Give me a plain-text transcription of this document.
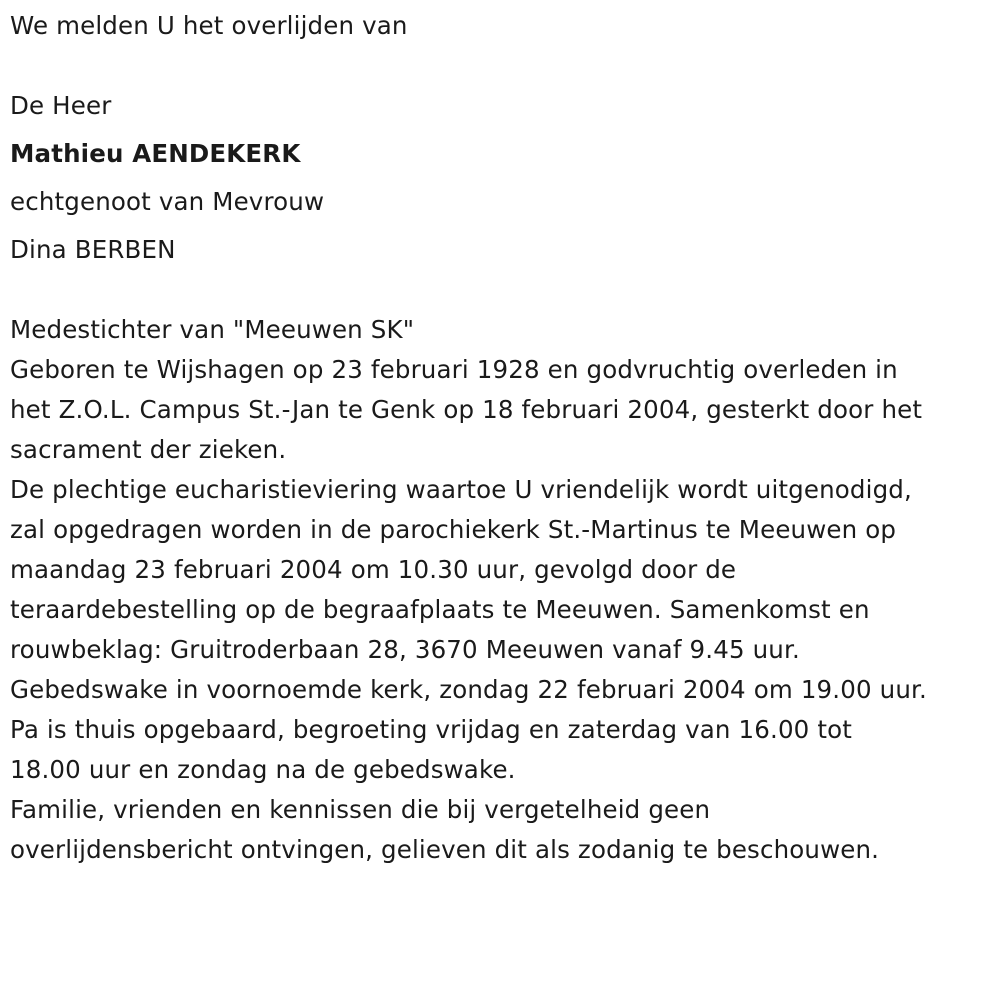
We melden U het overlijden van

De Heer

Mathieu AENDEKERK

echtgenoot van Mevrouw

Dina BERBEN

Medestichter van "Meeuwen SK"

Geboren te Wijshagen op 23 februari 1928 en godvruchtig overleden in

het Z.O.L. Campus St.-Jan te Genk op 18 februari 2004, gesterkt door het

sacrament der zieken.

De plechtige eucharistieviering waartoe U vriendelijk wordt uitgenodigd,

zal opgedragen worden in de parochiekerk St.-Martinus te Meeuwen op

maandag 23 februari 2004 om 10.30 uur, gevolgd door de

teraardebestelling op de begraafplaats te Meeuwen. Samenkomst en

rouwbeklag: Gruitroderbaan 28, 3670 Meeuwen vanaf 9.45 uur.

Gebedswake in voornoemde kerk, zondag 22 februari 2004 om 19.00 uur.

Pa is thuis opgebaard, begroeting vrijdag en zaterdag van 16.00 tot

18.00 uur en zondag na de gebedswake.

Familie, vrienden en kennissen die bij vergetelheid geen

overlijdensbericht ontvingen, gelieven dit als zodanig te beschouwen.
